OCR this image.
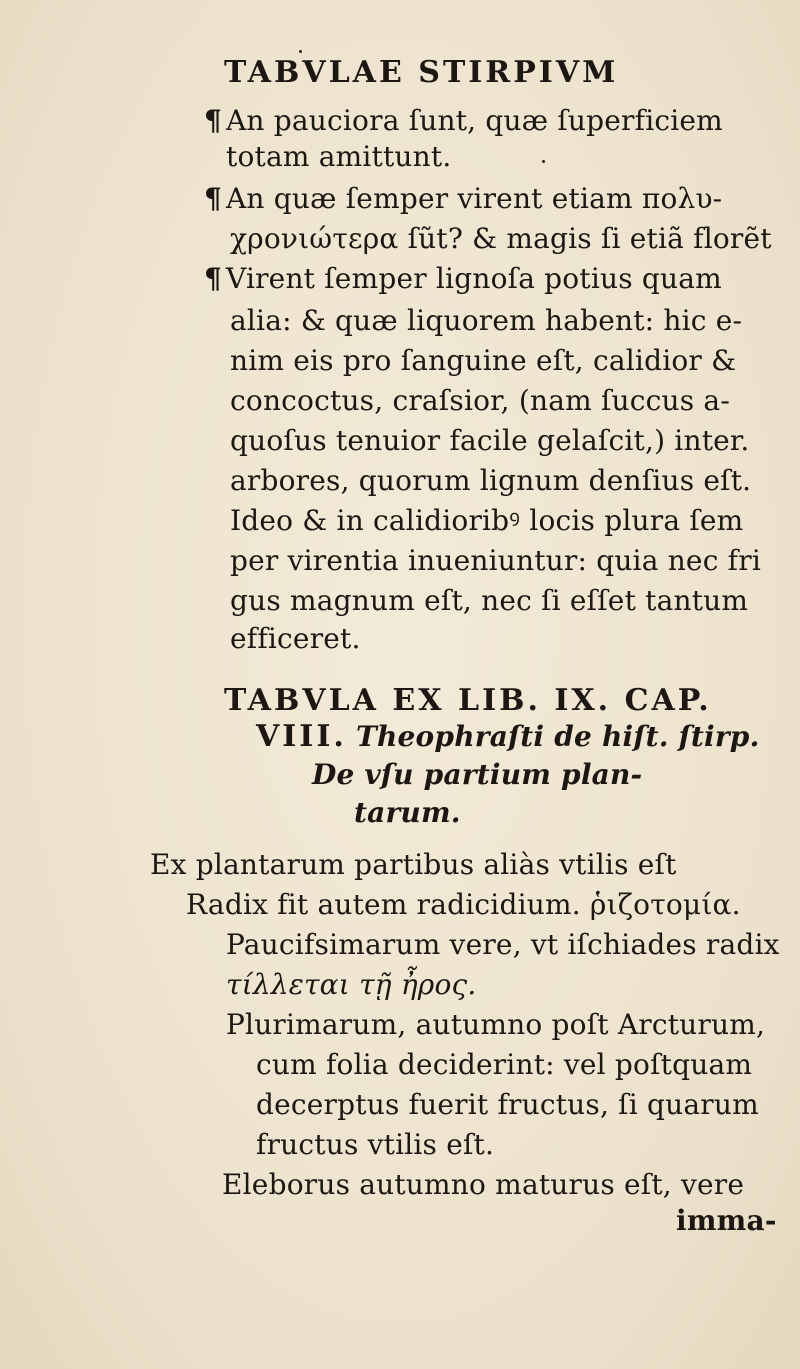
TABVLAE STIRPIVM
¶ An pauciora ſunt, quæ ſuperficiem
totam amittunt.
¶ An quæ ſemper virent etiam πολυ-
χρονιώτερα ſũt? & magis ſi etiã florẽt
¶ Virent ſemper lignoſa potius quam
alia: & quæ liquorem habent: hic e-
nim eis pro ſanguine eſt, calidior &
concoctus, craſsior, (nam ſuccus a-
quoſus tenuior facile gelaſcit,) inter.
arbores, quorum lignum denſius eſt.
Ideo & in calidioribꝰ locis plura ſem
per virentia inueniuntur: quia nec fri
gus magnum eſt, nec ſi eſſet tantum
efficeret.
TABVLA EX LIB. IX. CAP.
VIII. Theophraſti de hiſt. ſtirp.
De vſu partium plan-
tarum.
Ex plantarum partibus aliàs vtilis eſt
Radix fit autem radicidium. ῥιζοτομία.
Paucifsimarum vere, vt iſchiades radix
τίλλεται τῇ ἦρος.
Plurimarum, autumno poſt Arcturum,
cum folia deciderint: vel poſtquam
decerptus fuerit fructus, ſi quarum
fructus vtilis eſt.
Eleborus autumno maturus eſt, vere
imma-
